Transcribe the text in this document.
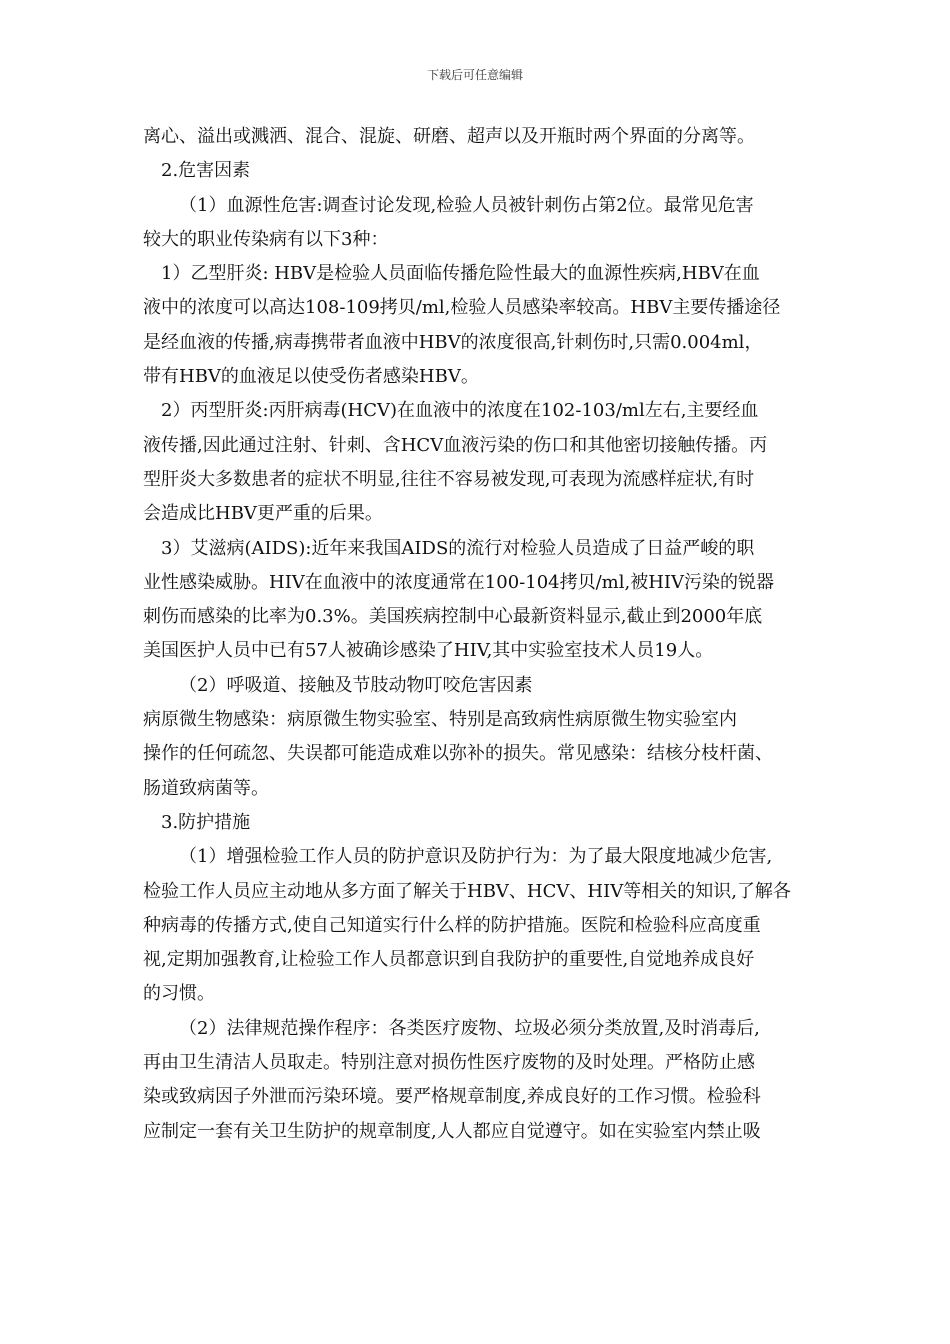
下载后可任意编辑

离心、溢出或溅洒、混合、混旋、研磨、超声以及开瓶时两个界面的分离等。

2.危害因素

（1）血源性危害:调查讨论发现,检验人员被针刺伤占第2位。最常见危害

较大的职业传染病有以下3种：

1）乙型肝炎: HBV是检验人员面临传播危险性最大的血源性疾病,HBV在血

液中的浓度可以高达108-109拷贝/ml,检验人员感染率较高。HBV主要传播途径

是经血液的传播,病毒携带者血液中HBV的浓度很高,针刺伤时,只需0.004ml，

带有HBV的血液足以使受伤者感染HBV。

2）丙型肝炎:丙肝病毒(HCV)在血液中的浓度在102-103/ml左右,主要经血

液传播,因此通过注射、针刺、含HCV血液污染的伤口和其他密切接触传播。丙

型肝炎大多数患者的症状不明显,往往不容易被发现,可表现为流感样症状,有时

会造成比HBV更严重的后果。

3）艾滋病(AIDS):近年来我国AIDS的流行对检验人员造成了日益严峻的职

业性感染威胁。HIV在血液中的浓度通常在100-104拷贝/ml,被HIV污染的锐器

刺伤而感染的比率为0.3%。美国疾病控制中心最新资料显示,截止到2000年底

美国医护人员中已有57人被确诊感染了HIV,其中实验室技术人员19人。

（2）呼吸道、接触及节肢动物叮咬危害因素

病原微生物感染：病原微生物实验室、特别是高致病性病原微生物实验室内

操作的任何疏忽、失误都可能造成难以弥补的损失。常见感染：结核分枝杆菌、

肠道致病菌等。

3.防护措施

（1）增强检验工作人员的防护意识及防护行为：为了最大限度地减少危害,

检验工作人员应主动地从多方面了解关于HBV、HCV、HIV等相关的知识,了解各

种病毒的传播方式,使自己知道实行什么样的防护措施。医院和检验科应高度重

视,定期加强教育,让检验工作人员都意识到自我防护的重要性,自觉地养成良好

的习惯。

（2）法律规范操作程序：各类医疗废物、垃圾必须分类放置,及时消毒后,

再由卫生清洁人员取走。特别注意对损伤性医疗废物的及时处理。严格防止感

染或致病因子外泄而污染环境。要严格规章制度,养成良好的工作习惯。检验科

应制定一套有关卫生防护的规章制度,人人都应自觉遵守。如在实验室内禁止吸
